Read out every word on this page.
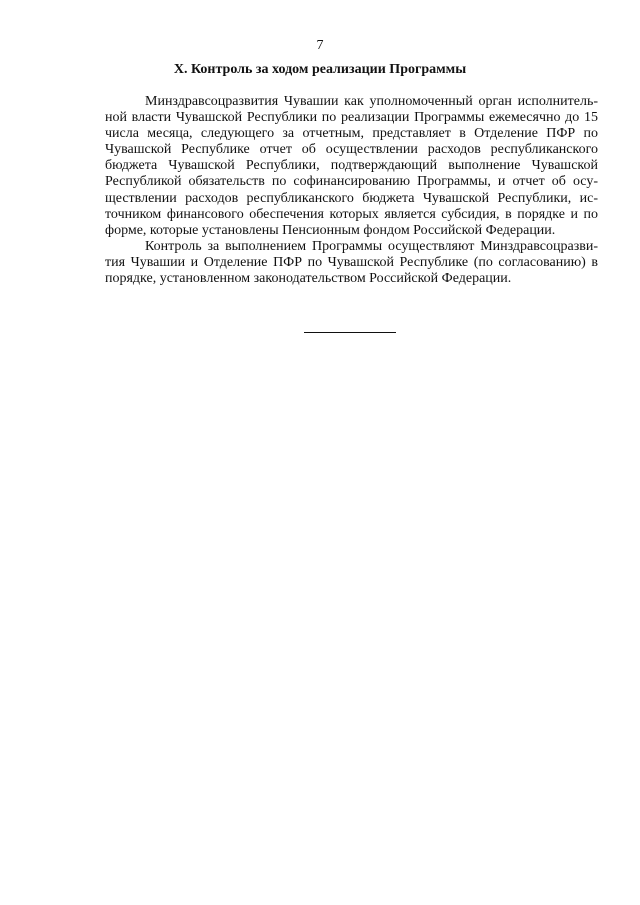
7
X. Контроль за ходом реализации Программы

Минздравсоцразвития Чувашии как уполномоченный орган исполнительной власти Чувашской Республики по реализации Программы ежемесячно до 15 числа месяца, следующего за отчетным, представляет в Отделение ПФР по Чувашской Республике отчет об осуществлении расходов республиканского бюджета Чувашской Республики, подтверждающий выполнение Чувашской Республикой обязательств по софинансированию Программы, и отчет об осуществлении расходов республиканского бюджета Чувашской Республики, источником финансового обеспечения которых является субсидия, в порядке и по форме, которые установлены Пенсионным фондом Российской Федерации.

Контроль за выполнением Программы осуществляют Минздравсоцразвития Чувашии и Отделение ПФР по Чувашской Республике (по согласованию) в порядке, установленном законодательством Российской Федерации.
